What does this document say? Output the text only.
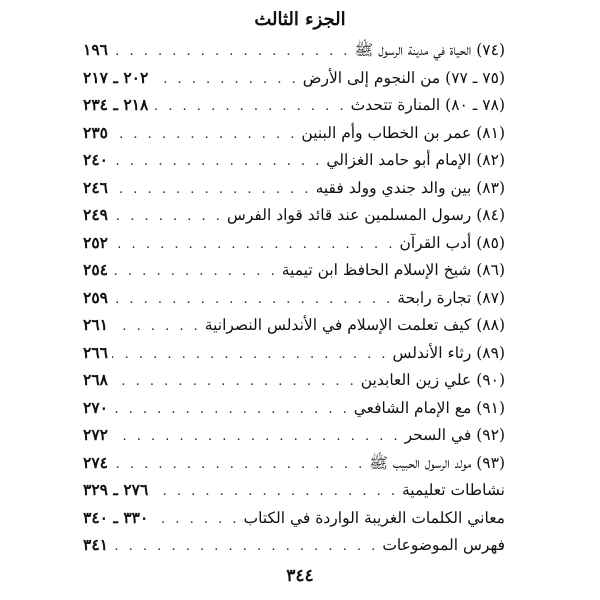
الجزء الثالث
(٧٤) الحياة في مدينة الرسول ﷺ
. . .
١٩٦
(٧٥ ـ ٧٧) من النجوم إلى الأرض
. . .
٢٠٢ ـ ٢١٧
(٧٨ ـ ٨٠) المنارة تتحدث
. . .
٢١٨ ـ ٢٣٤
(٨١) عمر بن الخطاب وأم البنين
. . .
٢٣٥
(٨٢) الإمام أبو حامد الغزالي
. . .
٢٤٠
(٨٣) بين والد جندي وولد فقيه
. . .
٢٤٦
(٨٤) رسول المسلمين عند قائد قواد الفرس
. . .
٢٤٩
(٨٥) أدب القرآن
. . .
٢٥٢
(٨٦) شيخ الإسلام الحافظ ابن تيمية
. . .
٢٥٤
(٨٧) تجارة رابحة
. . .
٢٥٩
(٨٨) كيف تعلمت الإسلام في الأندلس النصرانية
. . .
٢٦١
(٨٩) رثاء الأندلس
. . .
٢٦٦
(٩٠) علي زين العابدين
. . .
٢٦٨
(٩١) مع الإمام الشافعي
. . .
٢٧٠
(٩٢) في السحر
. . .
٢٧٢
(٩٣) مولد الرسول الحبيب ﷺ
. . .
٢٧٤
نشاطات تعليمية
. . .
٢٧٦ ـ ٣٢٩
معاني الكلمات الغريبة الواردة في الكتاب
. . .
٣٣٠ ـ ٣٤٠
فهرس الموضوعات
. . .
٣٤١
٣٤٤
